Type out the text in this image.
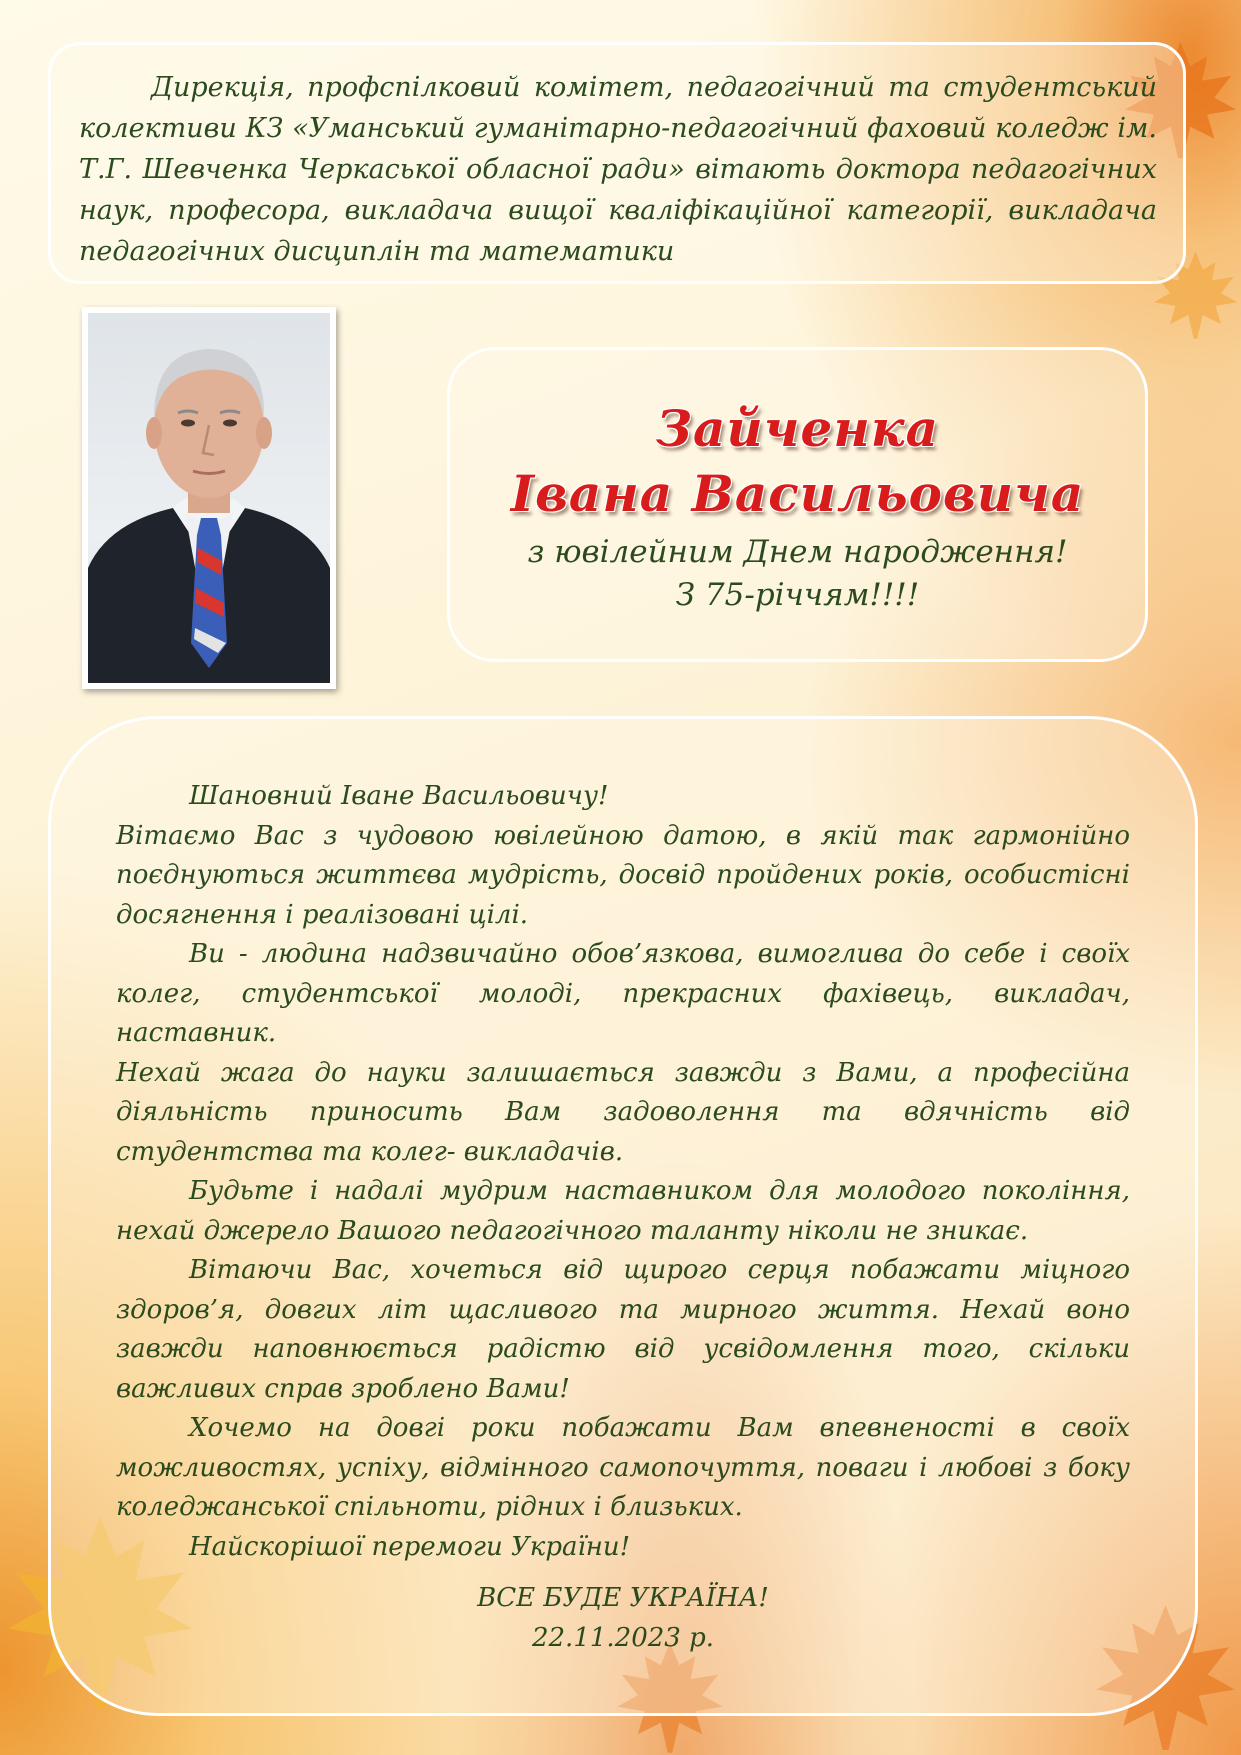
Дирекція, профспілковий комітет, педагогічний та студентський колективи КЗ «Уманський гуманітарно-педагогічний фаховий коледж ім. Т.Г. Шевченка Черкаської обласної ради» вітають доктора педагогічних наук, професора, викладача вищої кваліфікаційної категорії, викладача педагогічних дисциплін та математики

Зайченка
Івана Васильовича
з ювілейним Днем народження!
З 75-річчям!!!!

Шановний Іване Васильовичу!

Вітаємо Вас з чудовою ювілейною датою, в якій так гармонійно поєднуються життєва мудрість, досвід пройдених років, особистісні досягнення і реалізовані цілі.

Ви - людина надзвичайно обов’язкова, вимоглива до себе і своїх колег, студентської молоді, прекрасних фахівець, викладач, наставник.

Нехай жага до науки залишається завжди з Вами, а професійна діяльність приносить Вам задоволення та вдячність від студентства та колег- викладачів.

Будьте і надалі мудрим наставником для молодого покоління, нехай джерело Вашого педагогічного таланту ніколи не зникає.

Вітаючи Вас, хочеться від щирого серця побажати міцного здоров’я, довгих літ щасливого та мирного життя. Нехай воно завжди наповнюється радістю від усвідомлення того, скільки важливих справ зроблено Вами!

Хочемо на довгі роки побажати Вам впевненості в своїх можливостях, успіху, відмінного самопочуття, поваги і любові з боку коледжанської спільноти, рідних і близьких.

Найскорішої перемоги України!

ВСЕ БУДЕ УКРАЇНА!

22.11.2023 р.
